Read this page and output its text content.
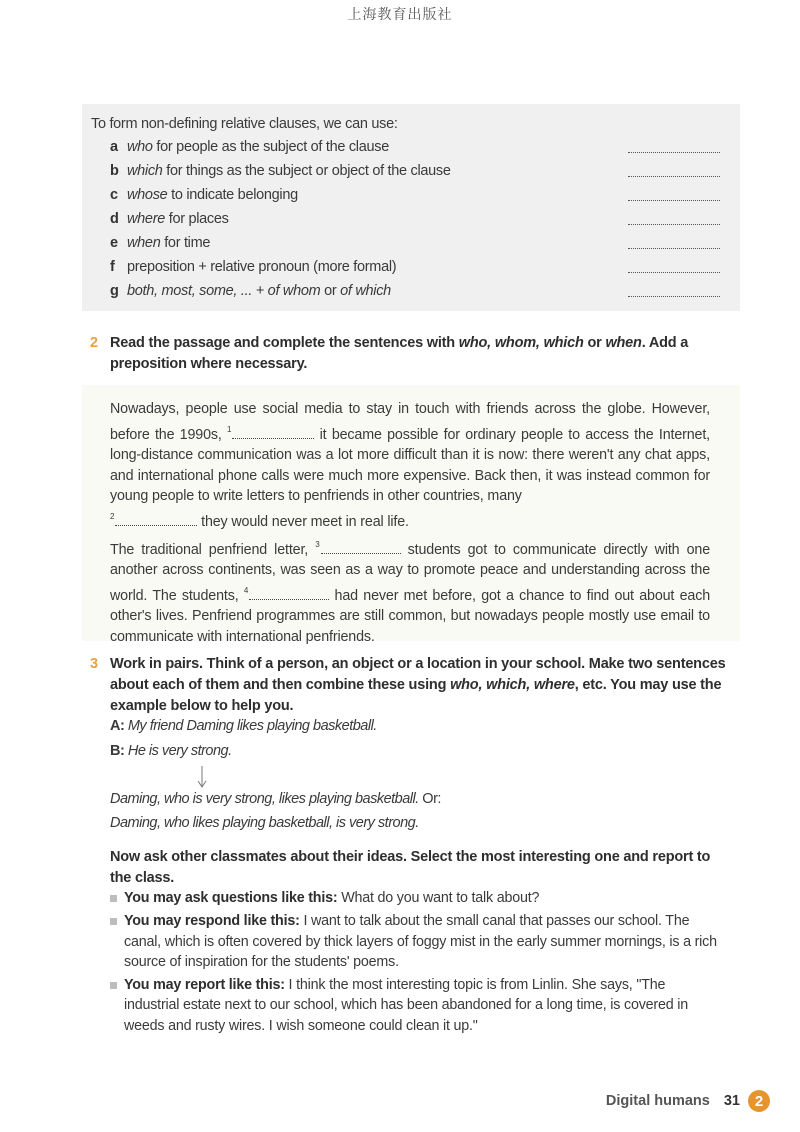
上海教育出版社
To form non-defining relative clauses, we can use:
a who for people as the subject of the clause
b which for things as the subject or object of the clause
c whose to indicate belonging
d where for places
e when for time
f preposition + relative pronoun (more formal)
g both, most, some, ... + of whom or of which
2 Read the passage and complete the sentences with who, whom, which or when. Add a preposition where necessary.

Nowadays, people use social media to stay in touch with friends across the globe. However, before the 1990s, $^1$	it became possible for ordinary people to access the Internet, long-distance communication was a lot more difficult than it is now: there weren't any chat apps, and international phone calls were much more expensive. Back then, it was instead common for young people to write letters to penfriends in other countries, many
$^2$	they would never meet in real life.

The traditional penfriend letter, $^3$	students got to communicate directly with one another across continents, was seen as a way to promote peace and understanding across the world. The students, $^4$	had never met before, got a chance to find out about each other's lives. Penfriend programmes are still common, but nowadays people mostly use email to communicate with international penfriends.

3 Work in pairs. Think of a person, an object or a location in your school. Make two sentences about each of them and then combine these using who, which, where, etc. You may use the example below to help you.
A: My friend Daming likes playing basketball.
B: He is very strong.
Daming, who is very strong, likes playing basketball. Or:
Daming, who likes playing basketball, is very strong.
Now ask other classmates about their ideas. Select the most interesting one and report to the class.
You may ask questions like this: What do you want to talk about?
You may respond like this: I want to talk about the small canal that passes our school. The canal, which is often covered by thick layers of foggy mist in the early summer mornings, is a rich source of inspiration for the students' poems.
You may report like this: I think the most interesting topic is from Linlin. She says, "The industrial estate next to our school, which has been abandoned for a long time, is covered in weeds and rusty wires. I wish someone could clean it up."
Digital humans 31 2
